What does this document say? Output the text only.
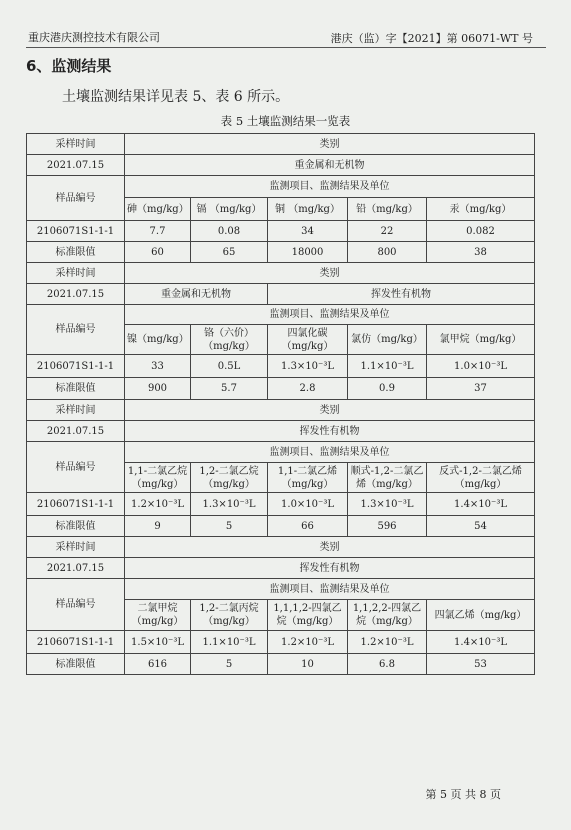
重庆港庆测控技术有限公司	港庆（监）字【2021】第 06071-WT 号
6、监测结果
土壤监测结果详见表 5、表 6 所示。
表 5 土壤监测结果一览表
采样时间	类别				
2021.07.15	重金属和无机物				
样品编号	监测项目、监测结果及单位				
	砷（mg/kg）	镉 （mg/kg）	铜 （mg/kg）	铅（mg/kg）	汞（mg/kg）
2106071S1-1-1	7.7	0.08	34	22	0.082
标准限值	60	65	18000	800	38
采样时间	类别				
2021.07.15	重金属和无机物		挥发性有机物		
样品编号	监测项目、监测结果及单位				
	镍（mg/kg）	铬（六价）（mg/kg）	四氯化碳（mg/kg）	氯仿（mg/kg）	氯甲烷（mg/kg）
2106071S1-1-1	33	0.5L	1.3×10⁻³L	1.1×10⁻³L	1.0×10⁻³L
标准限值	900	5.7	2.8	0.9	37
采样时间	类别				
2021.07.15	挥发性有机物				
样品编号	监测项目、监测结果及单位				
	1,1-二氯乙烷（mg/kg）	1,2-二氯乙烷（mg/kg）	1,1-二氯乙烯（mg/kg）	顺式-1,2-二氯乙烯（mg/kg）	反式-1,2-二氯乙烯（mg/kg）
2106071S1-1-1	1.2×10⁻³L	1.3×10⁻³L	1.0×10⁻³L	1.3×10⁻³L	1.4×10⁻³L
标准限值	9	5	66	596	54
采样时间	类别				
2021.07.15	挥发性有机物				
样品编号	监测项目、监测结果及单位				
	二氯甲烷（mg/kg）	1,2-二氯丙烷（mg/kg）	1,1,1,2-四氯乙烷（mg/kg）	1,1,2,2-四氯乙烷（mg/kg）	四氯乙烯（mg/kg）
2106071S1-1-1	1.5×10⁻³L	1.1×10⁻³L	1.2×10⁻³L	1.2×10⁻³L	1.4×10⁻³L
标准限值	616	5	10	6.8	53
第 5 页 共 8 页
